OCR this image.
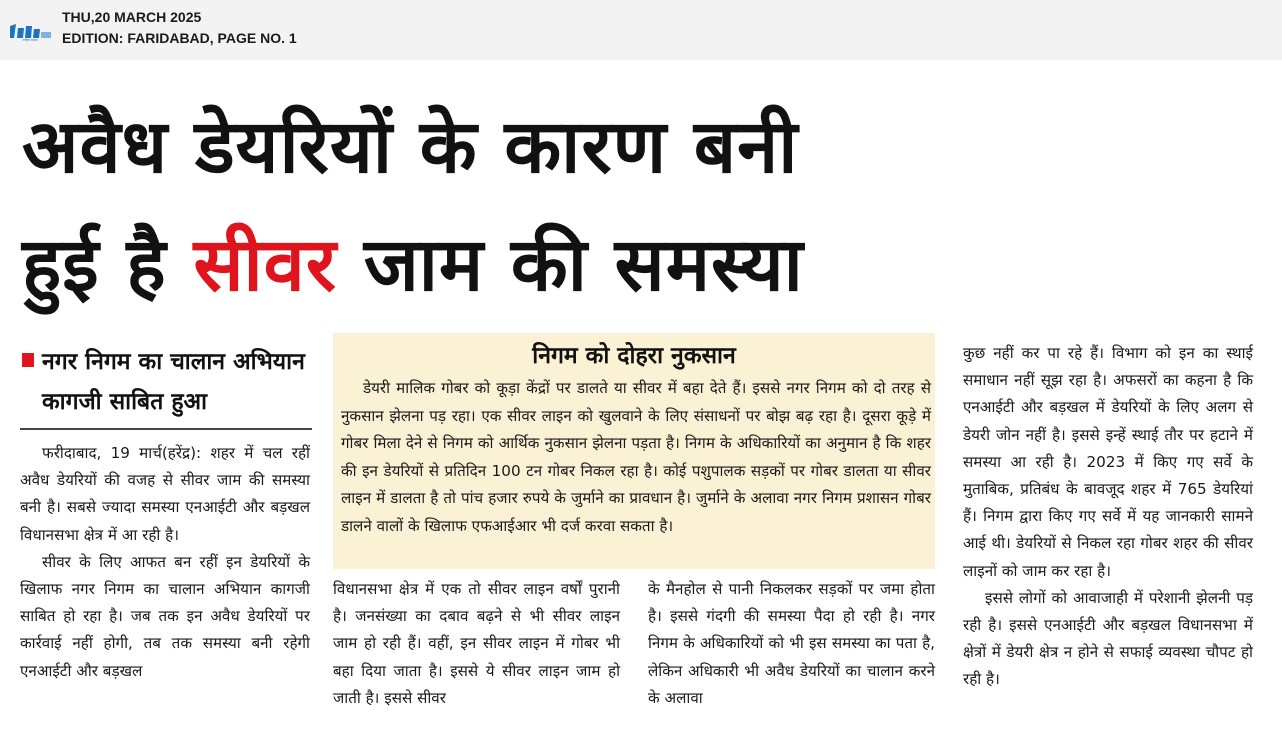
नवोदय टाइम्स
THU,20 MARCH 2025
EDITION: FARIDABAD, PAGE NO. 1
अवैध डेयरियों के कारण बनी
हुई है सीवर जाम की समस्या
नगर निगम का चालान अभियान कागजी साबित हुआ

फरीदाबाद, 19 मार्च(हरेंद्र): शहर में चल रहीं अवैध डेयरियों की वजह से सीवर जाम की समस्या बनी है। सबसे ज्यादा समस्या एनआईटी और बड़खल विधानसभा क्षेत्र में आ रही है।

सीवर के लिए आफत बन रहीं इन डेयरियों के खिलाफ नगर निगम का चालान अभियान कागजी साबित हो रहा है। जब तक इन अवैध डेयरियों पर कार्रवाई नहीं होगी, तब तक समस्या बनी रहेगी एनआईटी और बड़खल

निगम को दोहरा नुकसान

डेयरी मालिक गोबर को कूड़ा केंद्रों पर डालते या सीवर में बहा देते हैं। इससे नगर निगम को दो तरह से नुकसान झेलना पड़ रहा। एक सीवर लाइन को खुलवाने के लिए संसाधनों पर बोझ बढ़ रहा है। दूसरा कूड़े में गोबर मिला देने से निगम को आर्थिक नुकसान झेलना पड़ता है। निगम के अधिकारियों का अनुमान है कि शहर की इन डेयरियों से प्रतिदिन 100 टन गोबर निकल रहा है। कोई पशुपालक सड़कों पर गोबर डालता या सीवर लाइन में डालता है तो पांच हजार रुपये के जुर्माने का प्रावधान है। जुर्माने के अलावा नगर निगम प्रशासन गोबर डालने वालों के खिलाफ एफआईआर भी दर्ज करवा सकता है।

विधानसभा क्षेत्र में एक तो सीवर लाइन वर्षों पुरानी है। जनसंख्या का दबाव बढ़ने से भी सीवर लाइन जाम हो रही हैं। वहीं, इन सीवर लाइन में गोबर भी बहा दिया जाता है। इससे ये सीवर लाइन जाम हो जाती है। इससे सीवर

के मैनहोल से पानी निकलकर सड़कों पर जमा होता है। इससे गंदगी की समस्या पैदा हो रही है। नगर निगम के अधिकारियों को भी इस समस्या का पता है, लेकिन अधिकारी भी अवैध डेयरियों का चालान करने के अलावा

कुछ नहीं कर पा रहे हैं। विभाग को इन का स्थाई समाधान नहीं सूझ रहा है। अफसरों का कहना है कि एनआईटी और बड़खल में डेयरियों के लिए अलग से डेयरी जोन नहीं है। इससे इन्हें स्थाई तौर पर हटाने में समस्या आ रही है। 2023 में किए गए सर्वे के मुताबिक, प्रतिबंध के बावजूद शहर में 765 डेयरियां हैं। निगम द्वारा किए गए सर्वे में यह जानकारी सामने आई थी। डेयरियों से निकल रहा गोबर शहर की सीवर लाइनों को जाम कर रहा है।

इससे लोगों को आवाजाही में परेशानी झेलनी पड़ रही है। इससे एनआईटी और बड़खल विधानसभा में क्षेत्रों में डेयरी क्षेत्र न होने से सफाई व्यवस्था चौपट हो रही है।
